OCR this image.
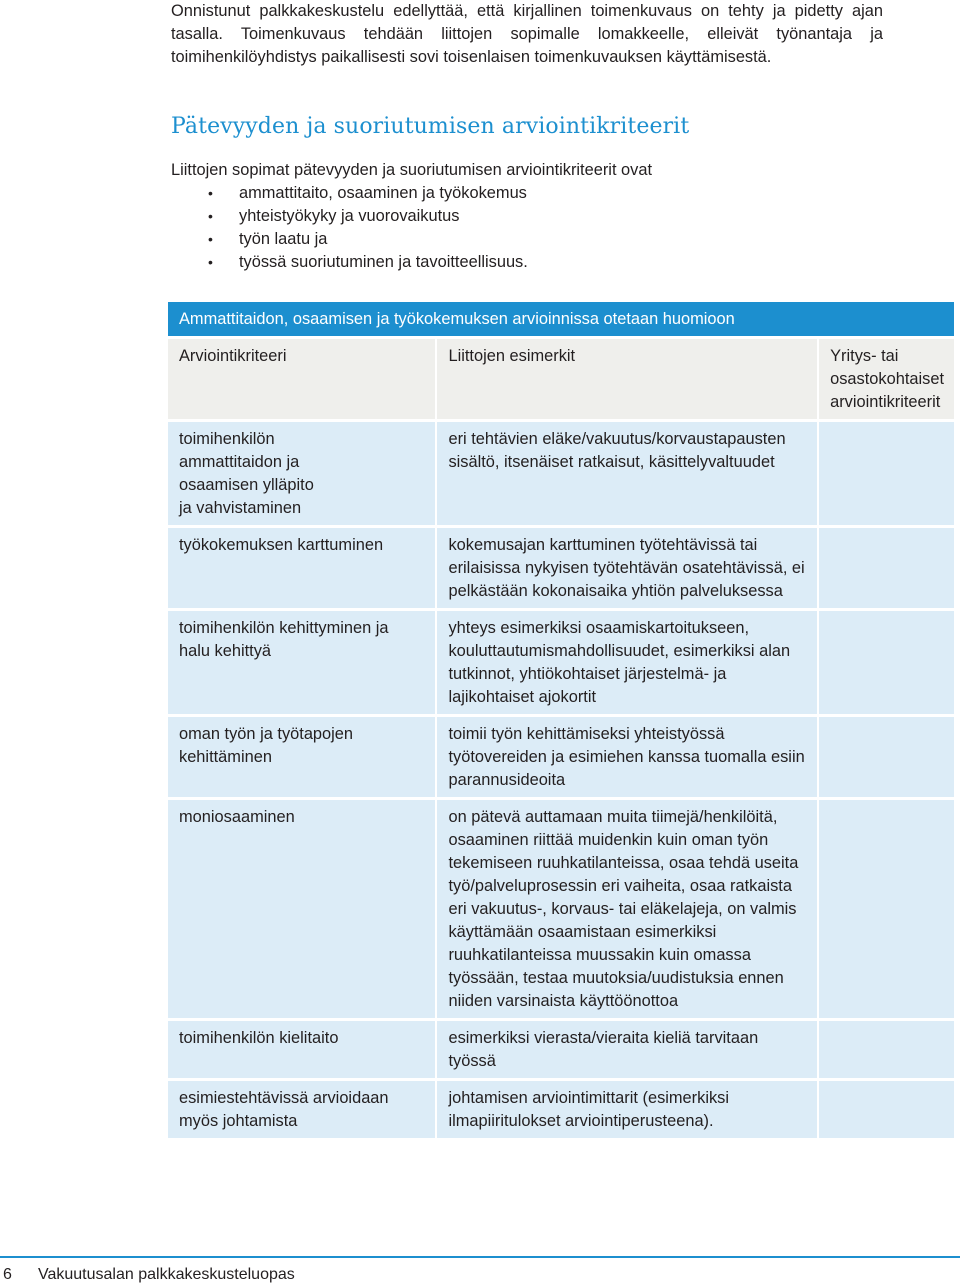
Onnistunut palkkakeskustelu edellyttää, että kirjallinen toimenkuvaus on tehty ja pidetty ajan tasalla. Toimenkuvaus tehdään liittojen sopimalle lomakkeelle, elleivät työnantaja ja toimihenkilöyhdistys paikallisesti sovi toisenlaisen toimenkuvauksen käyttämisestä.

Pätevyyden ja suoriutumisen arviointikriteerit
Liittojen sopimat pätevyyden ja suoriutumisen arviointikriteerit ovat
• ammattitaito, osaaminen ja työkokemus
• yhteistyökyky ja vuorovaikutus
• työn laatu ja
• työssä suoriutuminen ja tavoitteellisuus.
Ammattitaidon, osaamisen ja työkokemuksen arvioinnissa otetaan huomioon		
Arviointikriteeri	Liittojen esimerkit	Yritys- tai osastokohtaiset arviointikriteerit
toimihenkilön ammattitaidon ja osaamisen ylläpito ja vahvistaminen	eri tehtävien eläke/vakuutus/korvaustapausten sisältö, itsenäiset ratkaisut, käsittelyvaltuudet	
työkokemuksen karttuminen	kokemusajan karttuminen työtehtävissä tai erilaisissa nykyisen työtehtävän osatehtävissä, ei pelkästään kokonaisaika yhtiön palveluksessa	
toimihenkilön kehittyminen ja halu kehittyä	yhteys esimerkiksi osaamiskartoitukseen, kouluttautumismahdollisuudet, esimerkiksi alan tutkinnot, yhtiökohtaiset järjestelmä- ja lajikohtaiset ajokortit	
oman työn ja työtapojen kehittäminen	toimii työn kehittämiseksi yhteistyössä työtovereiden ja esimiehen kanssa tuomalla esiin parannusideoita	
moniosaaminen	on pätevä auttamaan muita tiimejä/henkilöitä, osaaminen riittää muidenkin kuin oman työn tekemiseen ruuhkatilanteissa, osaa tehdä useita työ/palveluprosessin eri vaiheita, osaa ratkaista eri vakuutus-, korvaus- tai eläkelajeja, on valmis käyttämään osaamistaan esimerkiksi ruuhkatilanteissa muussakin kuin omassa työssään, testaa muutoksia/uudistuksia ennen niiden varsinaista käyttöönottoa	
toimihenkilön kielitaito	esimerkiksi vierasta/vieraita kieliä tarvitaan työssä	
esimiestehtävissä arvioidaan myös johtamista	johtamisen arviointimittarit (esimerkiksi ilmapiiritulokset arviointiperusteena).	
6 Vakuutusalan palkkakeskusteluopas
